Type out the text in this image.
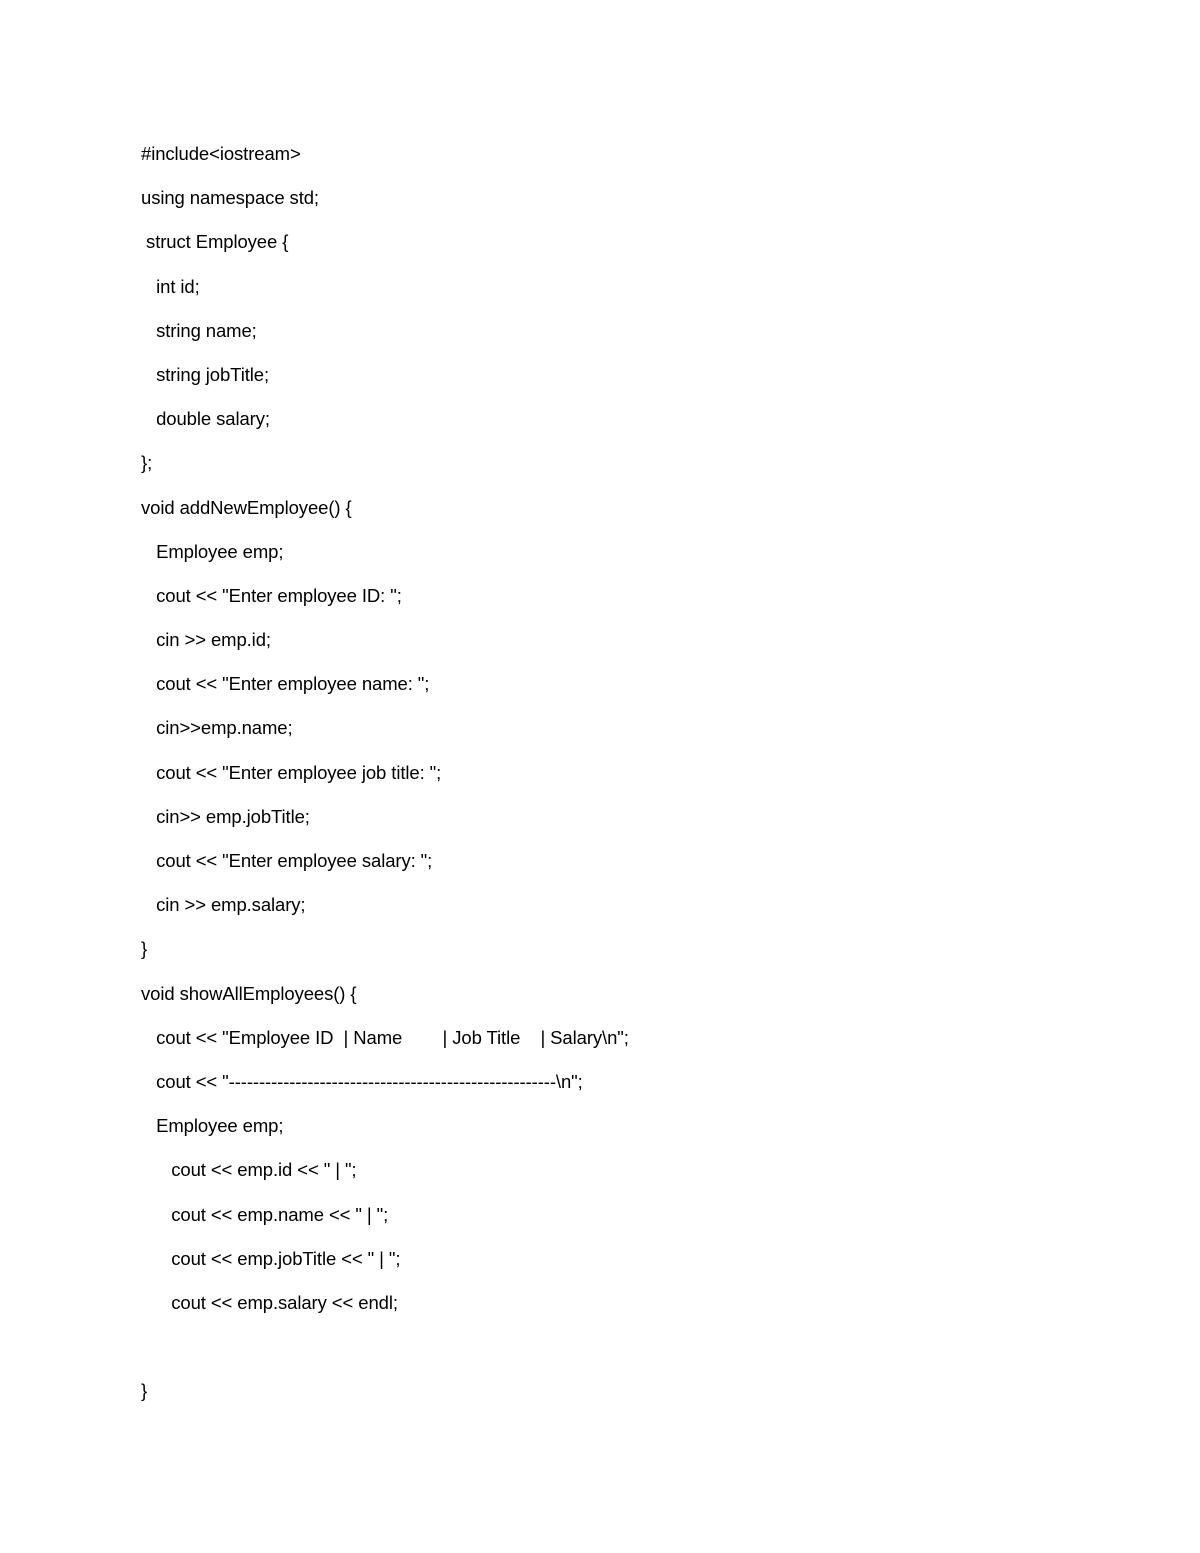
#include<iostream>
using namespace std;
struct Employee {
int id;
string name;
string jobTitle;
double salary;
};
void addNewEmployee() {
Employee emp;
cout << "Enter employee ID: ";
cin >> emp.id;
cout << "Enter employee name: ";
cin>>emp.name;
cout << "Enter employee job title: ";
cin>> emp.jobTitle;
cout << "Enter employee salary: ";
cin >> emp.salary;
}
void showAllEmployees() {
cout << "Employee ID  | Name        | Job Title    | Salary\n";
cout << "------------------------------------------------------\n";
Employee emp;
cout << emp.id << " | ";
cout << emp.name << " | ";
cout << emp.jobTitle << " | ";
cout << emp.salary << endl;
}
